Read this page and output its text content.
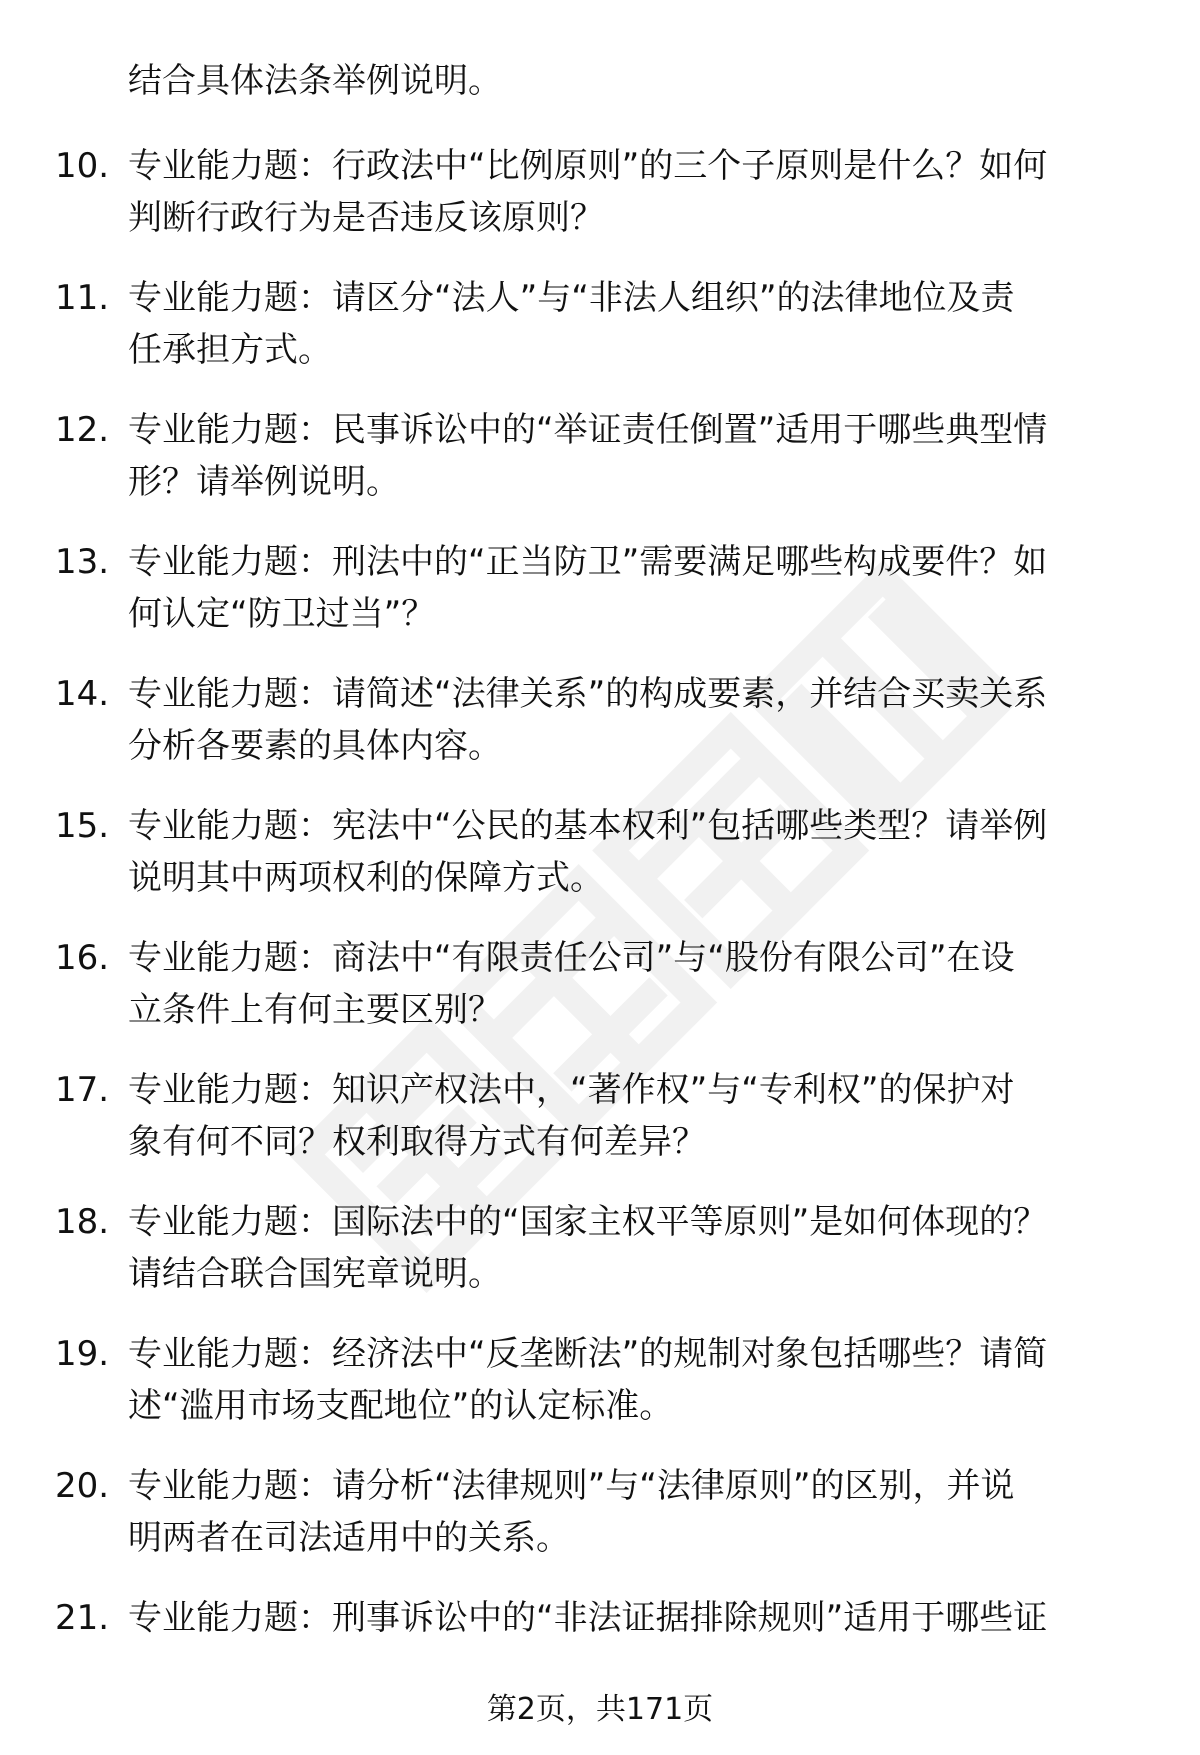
结合具体法条举例说明。
10. 专业能力题：行政法中“比例原则”的三个子原则是什么？如何
判断行政行为是否违反该原则？
11. 专业能力题：请区分“法人”与“非法人组织”的法律地位及责
任承担方式。
12. 专业能力题：民事诉讼中的“举证责任倒置”适用于哪些典型情
形？请举例说明。
13. 专业能力题：刑法中的“正当防卫”需要满足哪些构成要件？如
何认定“防卫过当”？
14. 专业能力题：请简述“法律关系”的构成要素，并结合买卖关系
分析各要素的具体内容。
15. 专业能力题：宪法中“公民的基本权利”包括哪些类型？请举例
说明其中两项权利的保障方式。
16. 专业能力题：商法中“有限责任公司”与“股份有限公司”在设
立条件上有何主要区别？
17. 专业能力题：知识产权法中，“著作权”与“专利权”的保护对
象有何不同？权利取得方式有何差异？
18. 专业能力题：国际法中的“国家主权平等原则”是如何体现的？
请结合联合国宪章说明。
19. 专业能力题：经济法中“反垄断法”的规制对象包括哪些？请简
述“滥用市场支配地位”的认定标准。
20. 专业能力题：请分析“法律规则”与“法律原则”的区别，并说
明两者在司法适用中的关系。
21. 专业能力题：刑事诉讼中的“非法证据排除规则”适用于哪些证
第2页，共171页
